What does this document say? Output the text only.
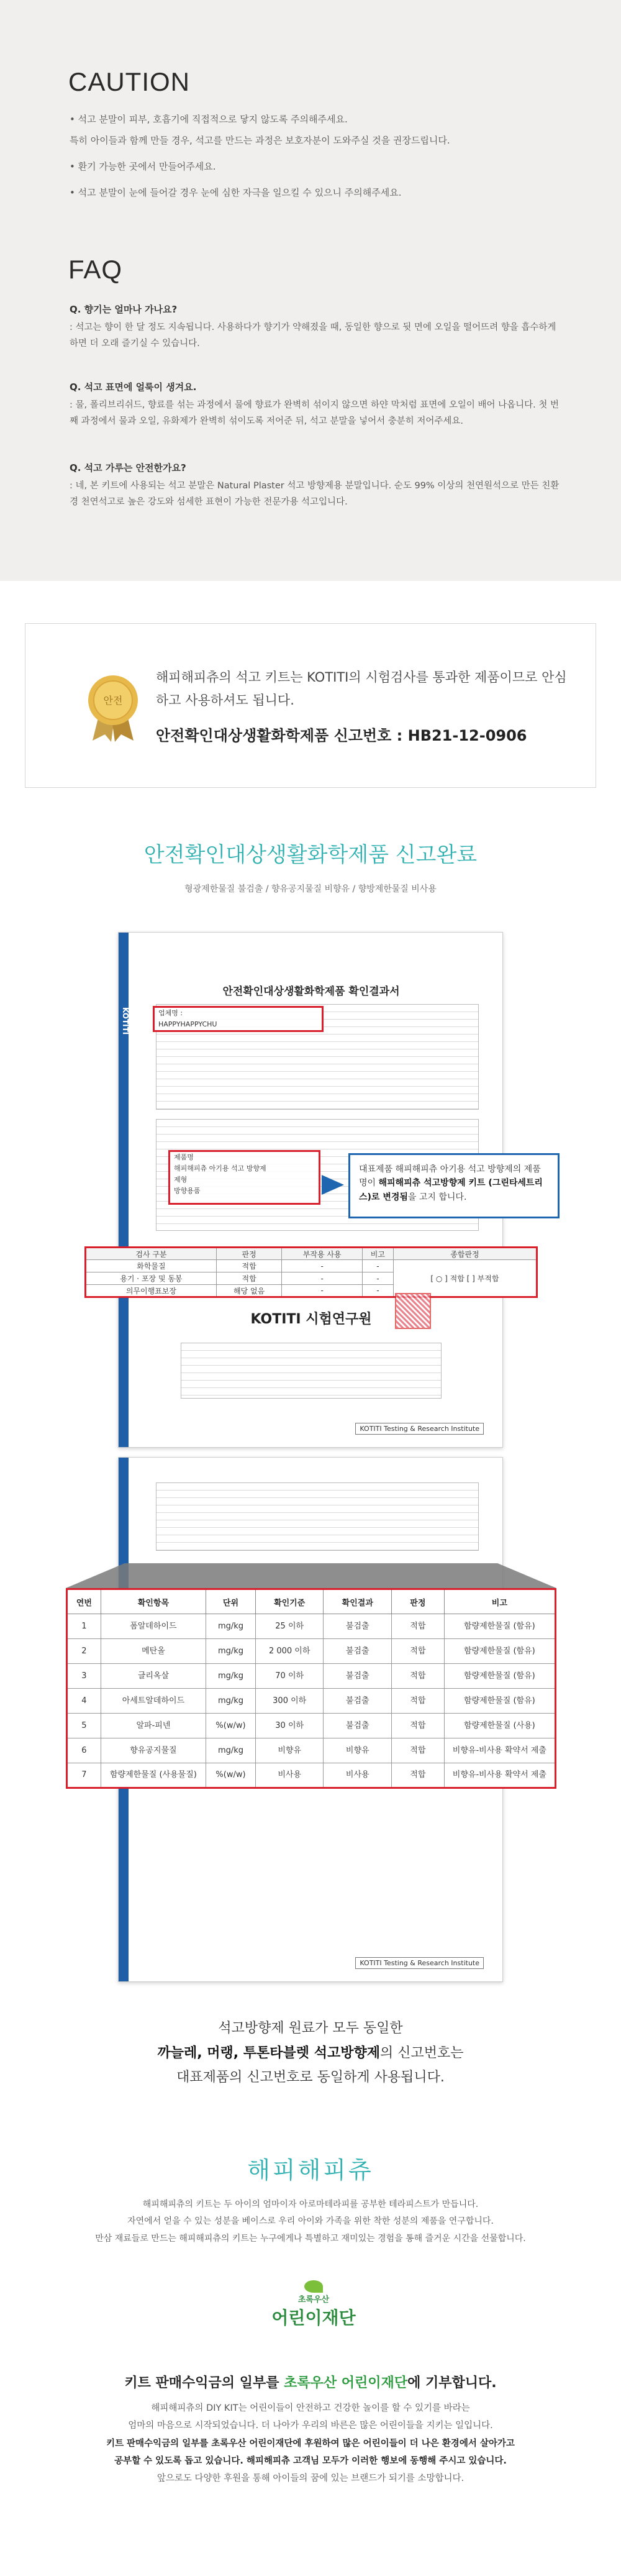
CAUTION

• 석고 분말이 피부, 호흡기에 직접적으로 닿지 않도록 주의해주세요.

특히 아이들과 함께 만들 경우, 석고를 만드는 과정은 보호자분이 도와주실 것을 권장드립니다.

• 환기 가능한 곳에서 만들어주세요.

• 석고 분말이 눈에 들어갈 경우 눈에 심한 자극을 일으킬 수 있으니 주의해주세요.

FAQ
Q. 향기는 얼마나 가나요?
: 석고는 향이 한 달 정도 지속됩니다. 사용하다가 향기가 약해졌을 때, 동일한 향으로 뒷 면에 오일을 떨어뜨려 향을 흡수하게 하면 더 오래 즐기실 수 있습니다.
Q. 석고 표면에 얼룩이 생겨요.
: 물, 폴리브리쉬드, 향료를 섞는 과정에서 물에 향료가 완벽히 섞이지 않으면 하얀 막처럼 표면에 오일이 배어 나옵니다. 첫 번째 과정에서 물과 오일, 유화제가 완벽히 섞이도록 저어준 뒤, 석고 분말을 넣어서 충분히 저어주세요.
Q. 석고 가루는 안전한가요?
: 네, 본 키트에 사용되는 석고 분말은 Natural Plaster 석고 방향제용 분말입니다. 순도 99% 이상의 천연원석으로 만든 친환경 천연석고로 높은 강도와 섬세한 표현이 가능한 전문가용 석고입니다.
안전
해피해피츄의 석고 키트는 KOTITI의 시험검사를 통과한 제품이므로 안심하고 사용하셔도 됩니다.
안전확인대상생활화학제품 신고번호 : HB21-12-0906
안전확인대상생활화학제품 신고완료
형광제한물질 불검출 / 향유공지물질 비향유 / 향방제한물질 비사용
KOTITI
안전확인대상생활화학제품 확인결과서
업체명 :
HAPPYHAPPYCHU
제품명
해피해피츄 아기용 석고 방향제
제형
방향용품
대표제품 해피해피츄 아기용 석고 방향제의 제품명이 해피해피츄 석고방향제 키트 (그린타세트리스)로 변경됨을 고지 합니다.
검사 구분	판정	부작용 사용	비고	종합판정
화학물질	적합	-	-	[ ○ ] 적합 [ ] 부적합
용기 · 포장 및 동봉	적합	-	-	
의무이행표보장	해당 없음	-	-	
KOTITI 시험연구원
KOTITI Testing & Research Institute
연번	확인항목	단위	확인기준	확인결과	판정	비고
1	폼알데하이드	mg/kg	25 이하	불검출	적합	함량제한물질 (함유)
2	메탄올	mg/kg	2 000 이하	불검출	적합	함량제한물질 (함유)
3	글리옥살	mg/kg	70 이하	불검출	적합	함량제한물질 (함유)
4	아세트알데하이드	mg/kg	300 이하	불검출	적합	함량제한물질 (함유)
5	알파-피넨	%(w/w)	30 이하	불검출	적합	함량제한물질 (사용)
6	향유공지물질	mg/kg	비향유	비향유	적합	비향유-비사용 확약서 제출
7	함량제한물질 (사용물질)	%(w/w)	비사용	비사용	적합	비향유-비사용 확약서 제출
KOTITI Testing & Research Institute
석고방향제 원료가 모두 동일한
까늘레, 머랭, 투톤타블렛 석고방향제의 신고번호는
대표제품의 신고번호로 동일하게 사용됩니다.
해피해피츄
해피해피츄의 키트는 두 아이의 엄마이자 아로마테라피를 공부한 테라피스트가 만듭니다.
자연에서 얻을 수 있는 성분을 베이스로 우리 아이와 가족을 위한 착한 성분의 제품을 연구합니다.
만삼 재료들로 만드는 해피해피츄의 키트는 누구에게나 특별하고 재미있는 경험을 통해 즐거운 시간을 선물합니다.
초록우산
어린이재단
키트 판매수익금의 일부를 초록우산 어린이재단에 기부합니다.
해피해피츄의 DIY KIT는 어린이들이 안전하고 건강한 놀이를 할 수 있기를 바라는
엄마의 마음으로 시작되었습니다. 더 나아가 우리의 바른은 많은 어린이들을 지키는 일입니다.
키트 판매수익금의 일부를 초록우산 어린이재단에 후원하여 많은 어린이들이 더 나은 환경에서 살아가고
공부할 수 있도록 돕고 있습니다. 해피해피츄 고객님 모두가 이러한 행보에 동행해 주시고 있습니다.
앞으로도 다양한 후원을 통해 아이들의 꿈에 있는 브랜드가 되기를 소망합니다.
